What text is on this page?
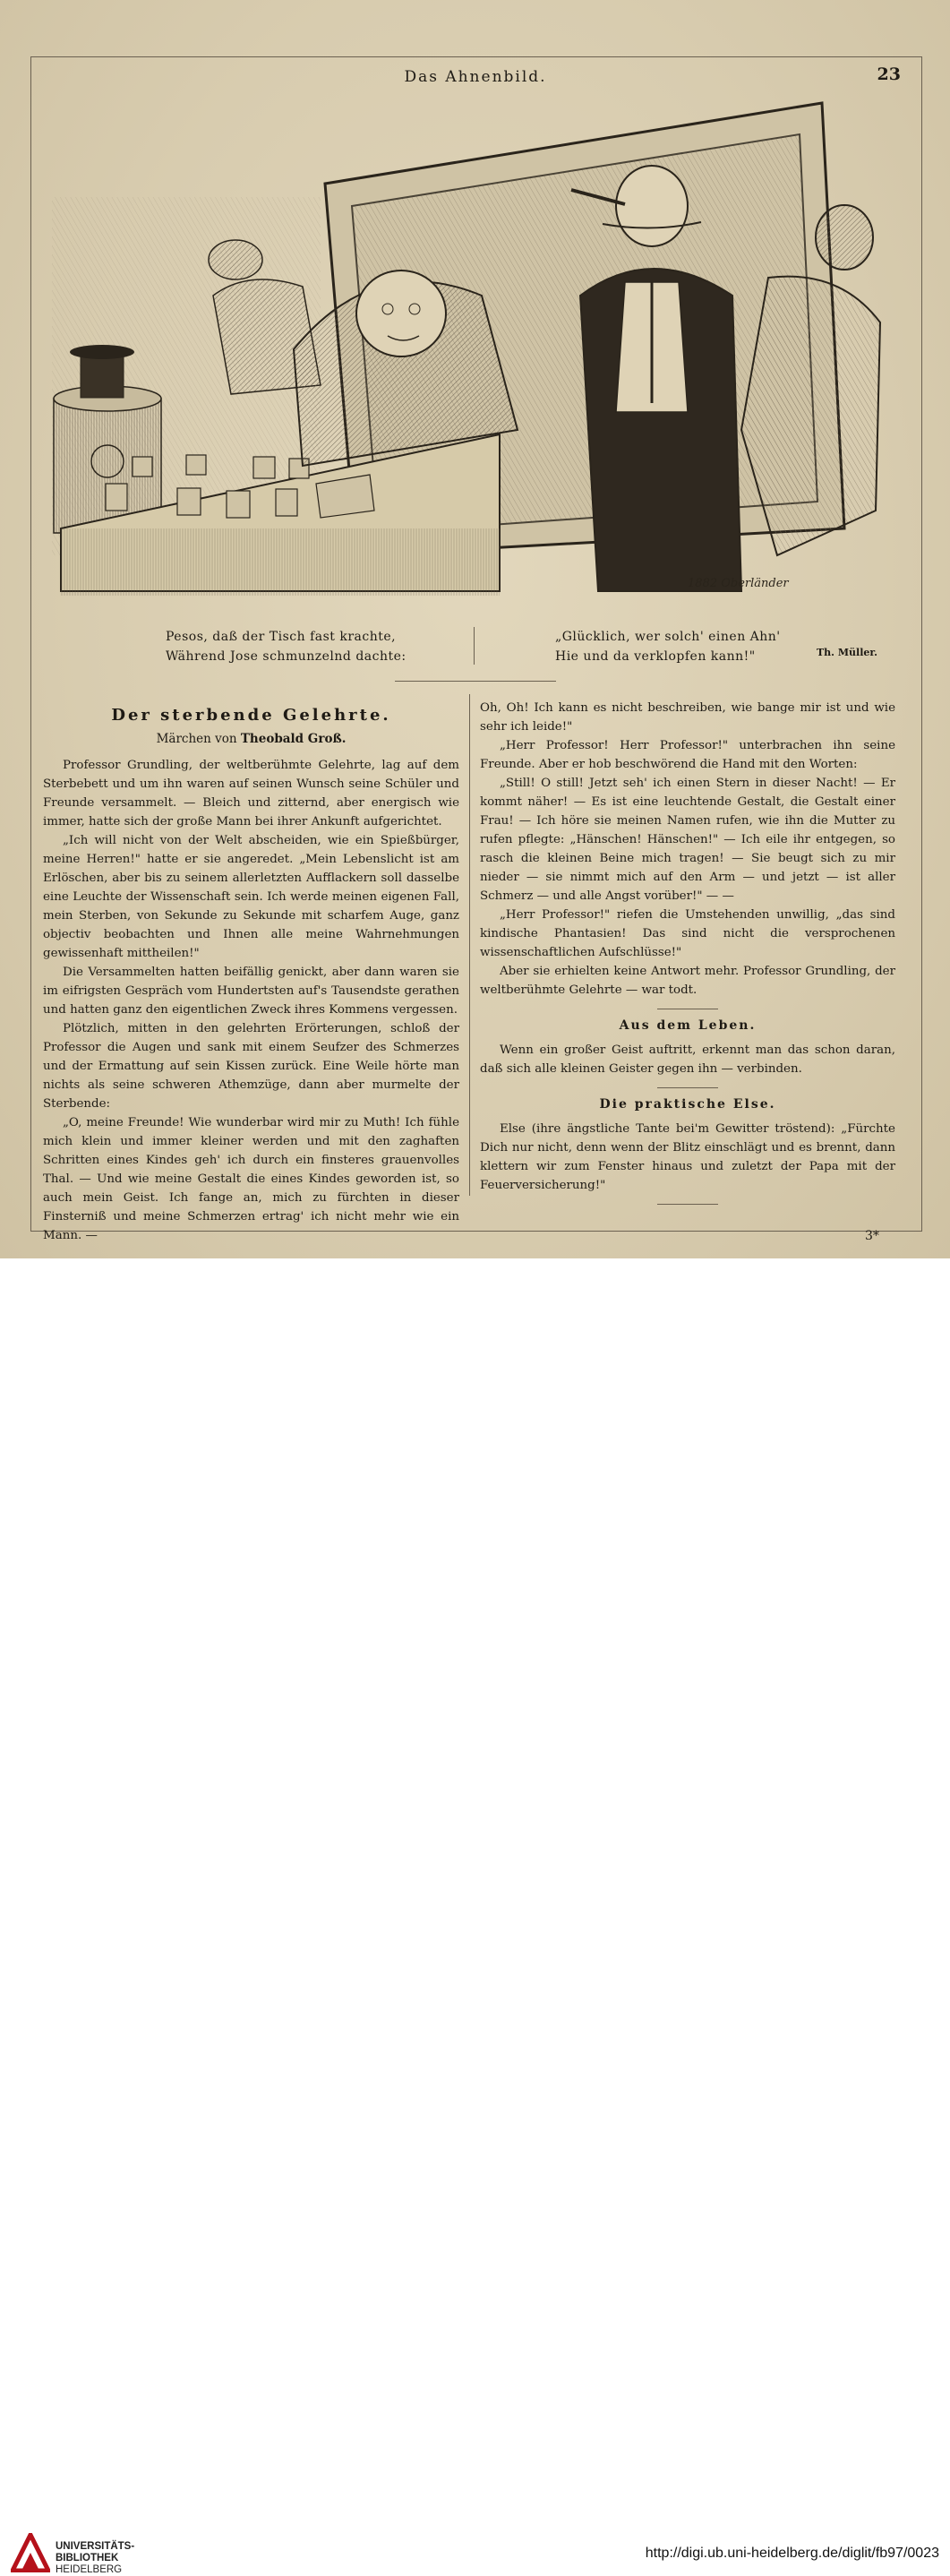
Das Ahnenbild.	23
1882 Oberländer
Pesos, daß der Tisch fast krachte,
Während Jose schmunzelnd dachte:
„Glücklich, wer solch' einen Ahn'
Hie und da verklopfen kann!"	Th. Müller.
Der sterbende Gelehrte.
Märchen von Theobald Groß.

Professor Grundling, der weltberühmte Gelehrte, lag auf dem Sterbebett und um ihn waren auf seinen Wunsch seine Schüler und Freunde versammelt. — Bleich und zitternd, aber energisch wie immer, hatte sich der große Mann bei ihrer Ankunft aufgerichtet.

„Ich will nicht von der Welt abscheiden, wie ein Spießbürger, meine Herren!" hatte er sie angeredet. „Mein Lebenslicht ist am Erlöschen, aber bis zu seinem allerletzten Aufflackern soll dasselbe eine Leuchte der Wissenschaft sein. Ich werde meinen eigenen Fall, mein Sterben, von Sekunde zu Sekunde mit scharfem Auge, ganz objectiv beobachten und Ihnen alle meine Wahrnehmungen gewissenhaft mittheilen!"

Die Versammelten hatten beifällig genickt, aber dann waren sie im eifrigsten Gespräch vom Hundertsten auf's Tausendste gerathen und hatten ganz den eigentlichen Zweck ihres Kommens vergessen.

Plötzlich, mitten in den gelehrten Erörterungen, schloß der Professor die Augen und sank mit einem Seufzer des Schmerzes und der Ermattung auf sein Kissen zurück. Eine Weile hörte man nichts als seine schweren Athemzüge, dann aber murmelte der Sterbende:

„O, meine Freunde! Wie wunderbar wird mir zu Muth! Ich fühle mich klein und immer kleiner werden und mit den zaghaften Schritten eines Kindes geh' ich durch ein finsteres grauenvolles Thal. — Und wie meine Gestalt die eines Kindes geworden ist, so auch mein Geist. Ich fange an, mich zu fürchten in dieser Finsterniß und meine Schmerzen ertrag' ich nicht mehr wie ein Mann. —

Oh, Oh! Ich kann es nicht beschreiben, wie bange mir ist und wie sehr ich leide!"

„Herr Professor! Herr Professor!" unterbrachen ihn seine Freunde. Aber er hob beschwörend die Hand mit den Worten:

„Still! O still! Jetzt seh' ich einen Stern in dieser Nacht! — Er kommt näher! — Es ist eine leuchtende Gestalt, die Gestalt einer Frau! — Ich höre sie meinen Namen rufen, wie ihn die Mutter zu rufen pflegte: „Hänschen! Hänschen!" — Ich eile ihr entgegen, so rasch die kleinen Beine mich tragen! — Sie beugt sich zu mir nieder — sie nimmt mich auf den Arm — und jetzt — ist aller Schmerz — und alle Angst vorüber!" — —

„Herr Professor!" riefen die Umstehenden unwillig, „das sind kindische Phantasien! Das sind nicht die versprochenen wissenschaftlichen Aufschlüsse!"

Aber sie erhielten keine Antwort mehr. Professor Grundling, der weltberühmte Gelehrte — war todt.

Aus dem Leben.

Wenn ein großer Geist auftritt, erkennt man das schon daran, daß sich alle kleinen Geister gegen ihn — verbinden.

Die praktische Else.

Else (ihre ängstliche Tante bei'm Gewitter tröstend): „Fürchte Dich nur nicht, denn wenn der Blitz einschlägt und es brennt, dann klettern wir zum Fenster hinaus und zuletzt der Papa mit der Feuerversicherung!"

3*
UNIVERSITÄTS-
BIBLIOTHEK
HEIDELBERG
http://digi.ub.uni-heidelberg.de/diglit/fb97/0023
